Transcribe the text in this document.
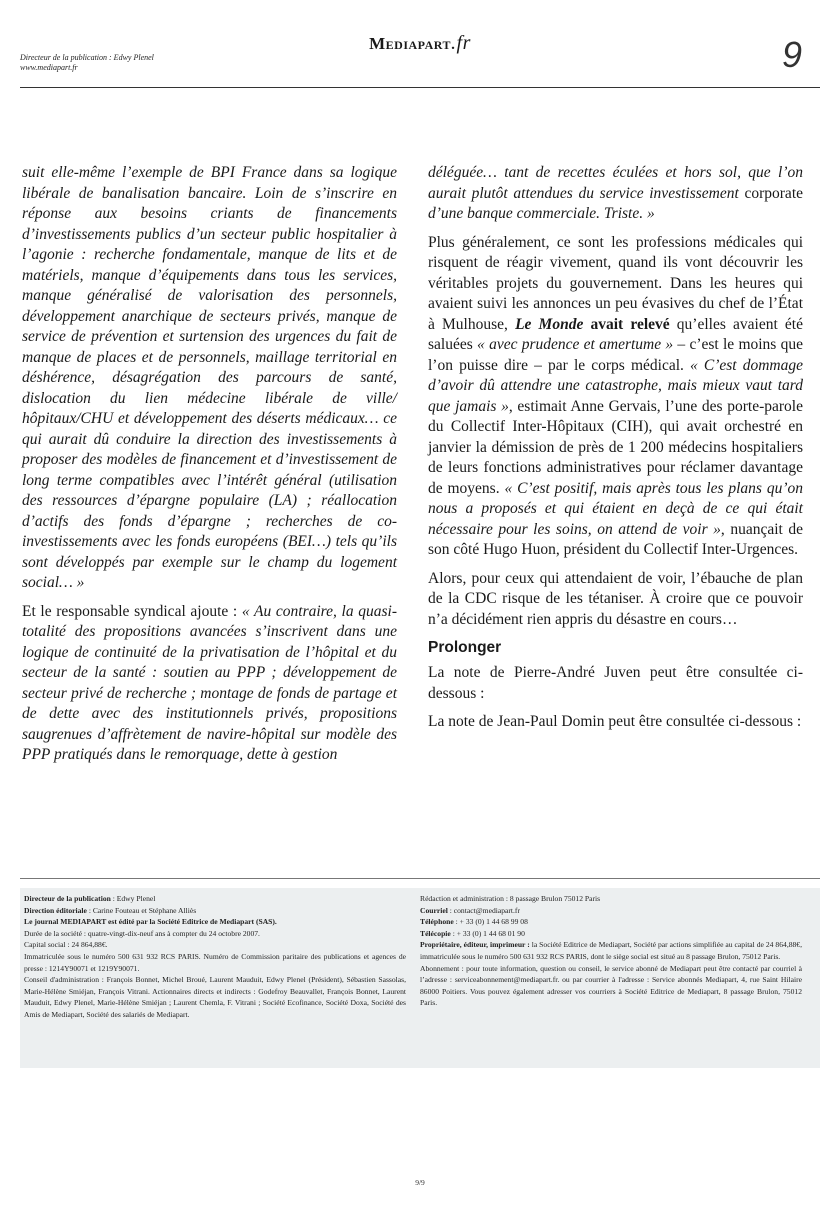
Directeur de la publication : Edwy Plenel
www.mediapart.fr
Mediapart.fr	9

suit elle-même l’exemple de BPI France dans sa logique libérale de banalisation bancaire. Loin de s’inscrire en réponse aux besoins criants de financements d’investissements publics d’un secteur public hospitalier à l’agonie : recherche fondamentale, manque de lits et de matériels, manque d’équipements dans tous les services, manque généralisé de valorisation des personnels, développement anarchique de secteurs privés, manque de service de prévention et surtension des urgences du fait de manque de places et de personnels, maillage territorial en déshérence, désagrégation des parcours de santé, dislocation du lien médecine libérale de ville/ hôpitaux/CHU et développement des déserts médicaux… ce qui aurait dû conduire la direction des investissements à proposer des modèles de financement et d’investissement de long terme compatibles avec l’intérêt général (utilisation des ressources d’épargne populaire (LA) ; réallocation d’actifs des fonds d’épargne ; recherches de co-investissements avec les fonds européens (BEI…) tels qu’ils sont développés par exemple sur le champ du logement social… »

Et le responsable syndical ajoute : « Au contraire, la quasi-totalité des propositions avancées s’inscrivent dans une logique de continuité de la privatisation de l’hôpital et du secteur de la santé : soutien au PPP ; développement de secteur privé de recherche ; montage de fonds de partage et de dette avec des institutionnels privés, propositions saugrenues d’affrètement de navire-hôpital sur modèle des PPP pratiqués dans le remorquage, dette à gestion

déléguée… tant de recettes éculées et hors sol, que l’on aurait plutôt attendues du service investissement corporate d’une banque commerciale. Triste. »

Plus généralement, ce sont les professions médicales qui risquent de réagir vivement, quand ils vont découvrir les véritables projets du gouvernement. Dans les heures qui avaient suivi les annonces un peu évasives du chef de l’État à Mulhouse, Le Monde avait relevé qu’elles avaient été saluées « avec prudence et amertume » – c’est le moins que l’on puisse dire – par le corps médical. « C’est dommage d’avoir dû attendre une catastrophe, mais mieux vaut tard que jamais », estimait Anne Gervais, l’une des porte-parole du Collectif Inter-Hôpitaux (CIH), qui avait orchestré en janvier la démission de près de 1 200 médecins hospitaliers de leurs fonctions administratives pour réclamer davantage de moyens. « C’est positif, mais après tous les plans qu’on nous a proposés et qui étaient en deçà de ce qui était nécessaire pour les soins, on attend de voir », nuançait de son côté Hugo Huon, président du Collectif Inter-Urgences.

Alors, pour ceux qui attendaient de voir, l’ébauche de plan de la CDC risque de les tétaniser. À croire que ce pouvoir n’a décidément rien appris du désastre en cours…

Prolonger

La note de Pierre-André Juven peut être consultée ci-dessous :

La note de Jean-Paul Domin peut être consultée ci-dessous :

Directeur de la publication : Edwy Plenel
Direction éditoriale : Carine Fouteau et Stéphane Alliès
Le journal MEDIAPART est édité par la Société Editrice de Mediapart (SAS).
Durée de la société : quatre-vingt-dix-neuf ans à compter du 24 octobre 2007.
Capital social : 24 864,88€.
Immatriculée sous le numéro 500 631 932 RCS PARIS. Numéro de Commission paritaire des publications et agences de presse : 1214Y90071 et 1219Y90071.
Conseil d'administration : François Bonnet, Michel Broué, Laurent Mauduit, Edwy Plenel (Président), Sébastien Sassolas, Marie-Hélène Smiéjan, François Vitrani. Actionnaires directs et indirects : Godefroy Beauvallet, François Bonnet, Laurent Mauduit, Edwy Plenel, Marie-Hélène Smiéjan ; Laurent Chemla, F. Vitrani ; Société Ecofinance, Société Doxa, Société des Amis de Mediapart, Société des salariés de Mediapart.
Rédaction et administration : 8 passage Brulon 75012 Paris
Courriel : contact@mediapart.fr
Téléphone : + 33 (0) 1 44 68 99 08
Télécopie : + 33 (0) 1 44 68 01 90
Propriétaire, éditeur, imprimeur : la Société Editrice de Mediapart, Société par actions simplifiée au capital de 24 864,88€, immatriculée sous le numéro 500 631 932 RCS PARIS, dont le siège social est situé au 8 passage Brulon, 75012 Paris.
Abonnement : pour toute information, question ou conseil, le service abonné de Mediapart peut être contacté par courriel à l’adresse : serviceabonnement@mediapart.fr. ou par courrier à l'adresse : Service abonnés Mediapart, 4, rue Saint Hilaire 86000 Poitiers. Vous pouvez également adresser vos courriers à Société Editrice de Mediapart, 8 passage Brulon, 75012 Paris.
9/9
